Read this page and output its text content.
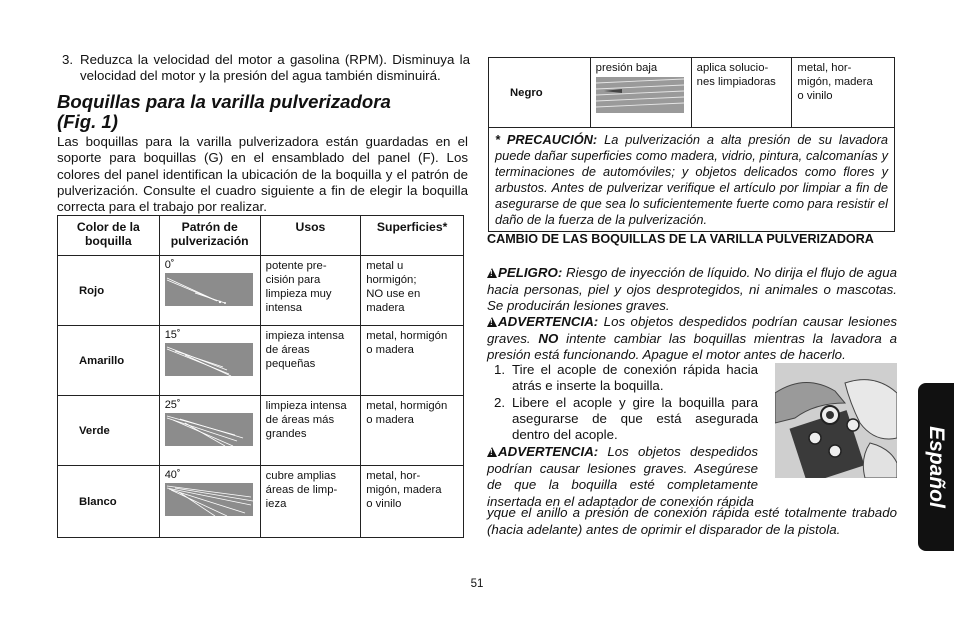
3. Reduzca la velocidad del motor a gasolina (RPM). Disminuya la velocidad del motor y la presión del agua también disminuirá.
Boquillas para la varilla pulverizadora
(Fig. 1)
Las boquillas para la varilla pulverizadora están guardadas en el soporte para boquillas (G) en el ensamblado del panel (F). Los colores del panel identifican la ubicación de la boquilla y el patrón de pulverización. Consulte el cuadro siguiente a fin de elegir la boquilla correcta para el trabajo por realizar.
Color de la boquilla	Patrón de pulverización	Usos	Superficies*
Rojo	0˚	potente pre-
cisión para
limpieza muy
intensa	metal u
hormigón;
NO use en
madera
Amarillo	15˚	impieza intensa
de áreas
pequeñas	metal, hormigón
o madera
Verde	25˚	limpieza intensa
de áreas más
grandes	metal, hormigón
o madera
Blanco	40˚	cubre amplias
áreas de limp-
ieza	metal, hor-
migón, madera
o vinilo
Negro	
presión baja	aplica solucio-
nes limpiadoras	metal, hor-
migón, madera
o vinilo
* PRECAUCIÓN: La pulverización a alta presión de su lavadora puede dañar superficies como madera, vidrio, pintura, calcomanías y terminaciones de automóviles; y objetos delicados como flores y arbustos. Antes de pulverizar verifique el artículo por limpiar a fin de asegurarse de que sea lo suficientemente fuerte como para resistir el daño de la fuerza de la pulverización.
CAMBIO DE LAS BOQUILLAS DE LA VARILLA PULVERIZADORA
!PELIGRO: Riesgo de inyección de líquido. No dirija el flujo de agua hacia personas, piel y ojos desprotegidos, ni animales o mascotas. Se producirán lesiones graves.
!ADVERTENCIA: Los objetos despedidos podrían causar lesiones graves. NO intente cambiar las boquillas mientras la lavadora a presión está funcionando. Apague el motor antes de hacerlo.
1. Tire el acople de conexión rápida hacia atrás e inserte la boquilla.
2. Libere el acople y gire la boquilla para asegurarse de que está asegurada dentro del acople.
!ADVERTENCIA: Los objetos despedidos podrían causar lesiones graves. Asegúrese de que la boquilla esté completamente insertada en el adaptador de conexión rápida
yque el anillo a presión de conexión rápida esté totalmente trabado (hacia adelante) antes de oprimir el disparador de la pistola.
51
Español
